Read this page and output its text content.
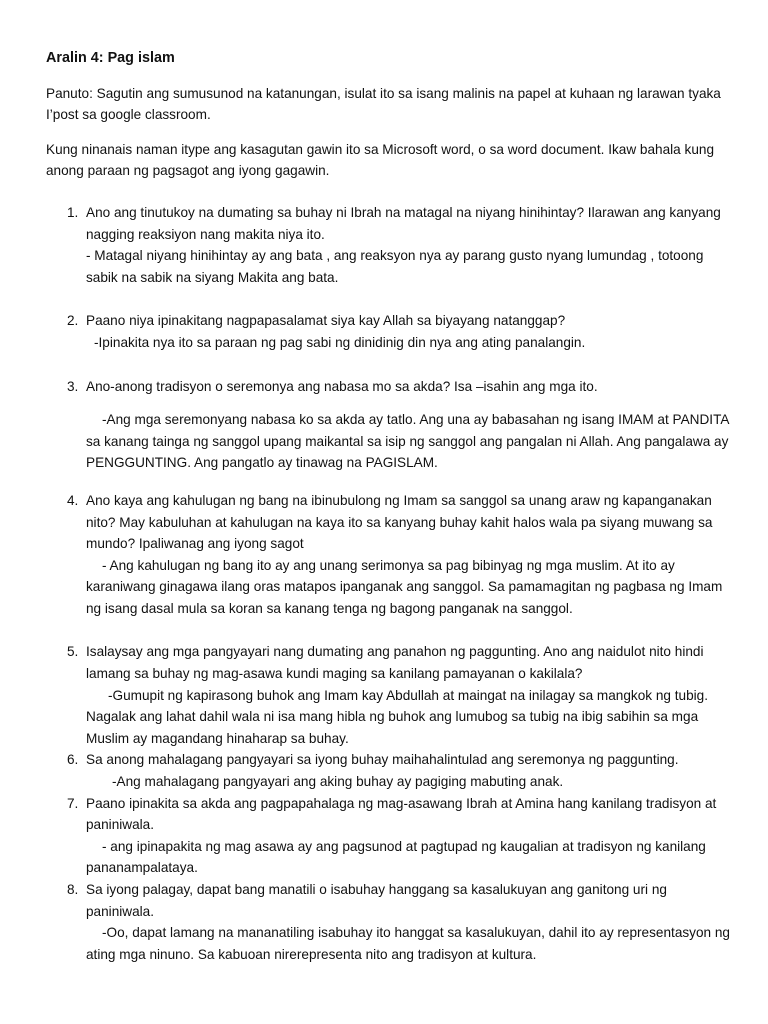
Aralin 4: Pag islam
Panuto: Sagutin ang sumusunod na katanungan, isulat ito sa isang malinis na papel at kuhaan ng larawan tyaka I’post sa google classroom.
Kung ninanais naman itype ang kasagutan gawin ito sa Microsoft word, o sa word document. Ikaw bahala kung anong paraan ng pagsagot ang iyong gagawin.
1. Ano ang tinutukoy na dumating sa buhay ni Ibrah na matagal na niyang hinihintay? Ilarawan ang kanyang nagging reaksiyon nang makita niya ito.
- Matagal niyang hinihintay ay ang bata , ang reaksyon nya ay parang gusto nyang lumundag , totoong sabik na sabik na siyang Makita ang bata.
2. Paano niya ipinakitang nagpapasalamat siya kay Allah sa biyayang natanggap?
-Ipinakita nya ito sa paraan ng pag sabi ng dinidinig din nya ang ating panalangin.
3. Ano-anong tradisyon o seremonya ang nabasa mo sa akda? Isa –isahin ang mga ito.
-Ang mga seremonyang nabasa ko sa akda ay tatlo. Ang una ay babasahan ng isang IMAM at PANDITA sa kanang tainga ng sanggol upang maikantal sa isip ng sanggol ang pangalan ni Allah. Ang pangalawa ay PENGGUNTING. Ang pangatlo ay tinawag na PAGISLAM.
4. Ano kaya ang kahulugan ng bang na ibinubulong ng Imam sa sanggol sa unang araw ng kapanganakan nito? May kabuluhan at kahulugan na kaya ito sa kanyang buhay kahit halos wala pa siyang muwang sa mundo? Ipaliwanag ang iyong sagot
- Ang kahulugan ng bang ito ay ang unang serimonya sa pag bibinyag ng mga muslim. At ito ay karaniwang ginagawa ilang oras matapos ipanganak ang sanggol. Sa pamamagitan ng pagbasa ng Imam ng isang dasal mula sa koran sa kanang tenga ng bagong panganak na sanggol.
5. Isalaysay ang mga pangyayari nang dumating ang panahon ng paggunting. Ano ang naidulot nito hindi lamang sa buhay ng mag-asawa kundi maging sa kanilang pamayanan o kakilala?
-Gumupit ng kapirasong buhok ang Imam kay Abdullah at maingat na inilagay sa mangkok ng tubig. Nagalak ang lahat dahil wala ni isa mang hibla ng buhok ang lumubog sa tubig na ibig sabihin sa mga Muslim ay magandang hinaharap sa buhay.
6. Sa anong mahalagang pangyayari sa iyong buhay maihahalintulad ang seremonya ng paggunting.
-Ang mahalagang pangyayari ang aking buhay ay pagiging mabuting anak.
7. Paano ipinakita sa akda ang pagpapahalaga ng mag-asawang Ibrah at Amina hang kanilang tradisyon at paniniwala.
- ang ipinapakita ng mag asawa ay ang pagsunod at pagtupad ng kaugalian at tradisyon ng kanilang pananampalataya.
8. Sa iyong palagay, dapat bang manatili o isabuhay hanggang sa kasalukuyan ang ganitong uri ng paniniwala.
-Oo, dapat lamang na mananatiling isabuhay ito hanggat sa kasalukuyan, dahil ito ay representasyon ng ating mga ninuno. Sa kabuoan nirerepresenta nito ang tradisyon at kultura.
